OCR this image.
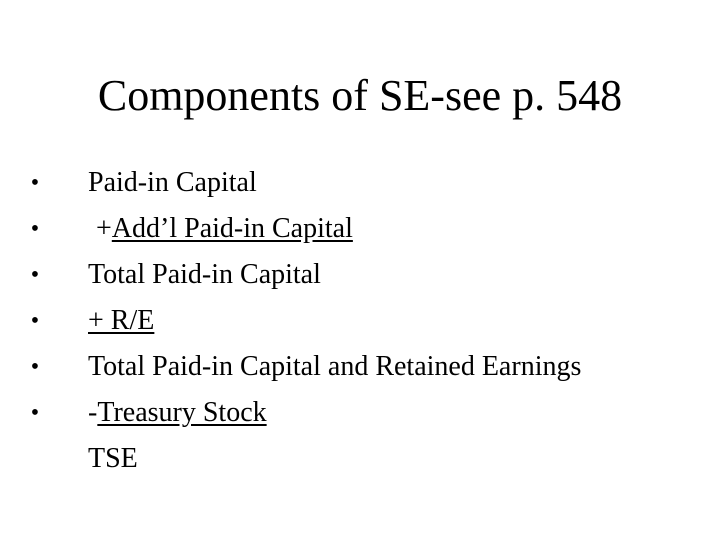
Components of SE-see p. 548
• Paid-in Capital
• +Add’l Paid-in Capital
• Total Paid-in Capital
• + R/E
• Total Paid-in Capital and Retained Earnings
• -Treasury Stock
TSE
